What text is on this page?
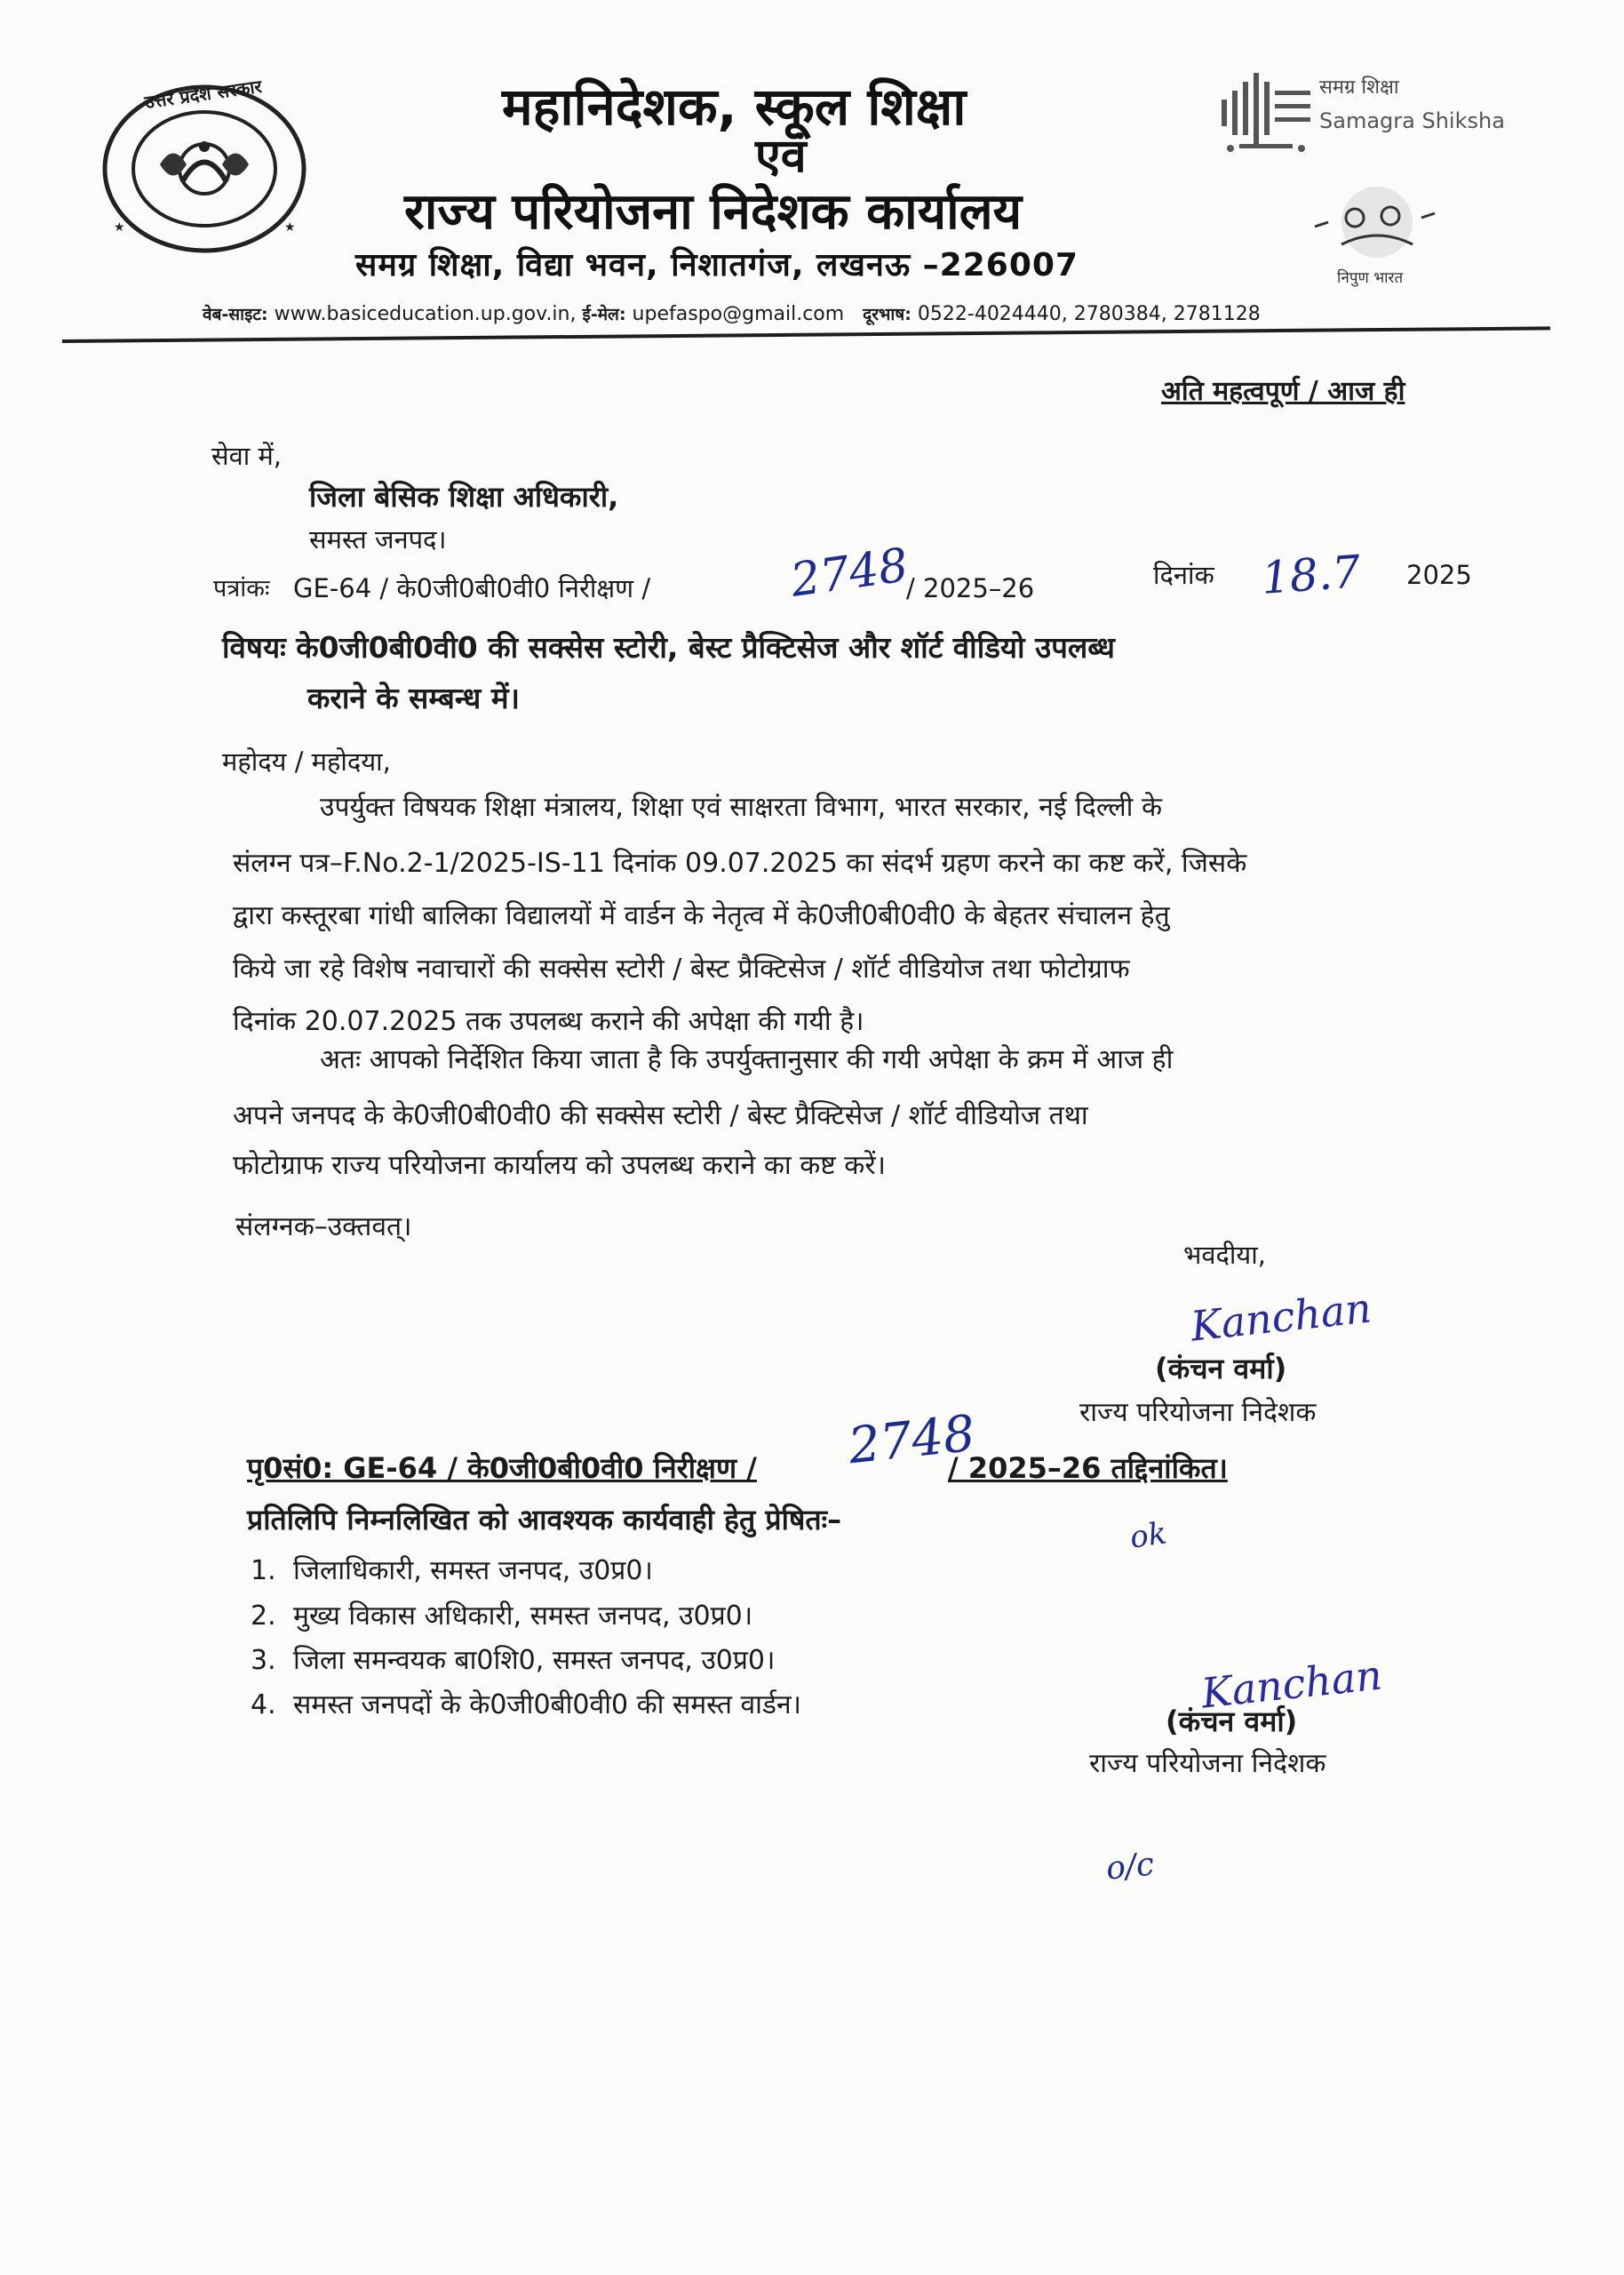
★	★
उत्तर प्रदेश सरकार	महानिदेशक, स्कूल शिक्षा
एवं
राज्य परियोजना निदेशक कार्यालय
समग्र शिक्षा, विद्या भवन, निशातगंज, लखनऊ –226007
वेब-साइट: www.basiceducation.up.gov.in, ई-मेल: upefaspo@gmail.com दूरभाष: 0522-4024440, 2780384, 2781128
समग्र शिक्षा
Samagra Shiksha
निपुण भारत
अति महत्वपूर्ण / आज ही
सेवा में,
जिला बेसिक शिक्षा अधिकारी,
समस्त जनपद।
पत्रांकः GE-64 / के0जी0बी0वी0 निरीक्षण /	2748
/ 2025–26	दिनांक 18.7 2025
विषयः के0जी0बी0वी0 की सक्सेस स्टोरी, बेस्ट प्रैक्टिसेज और शॉर्ट वीडियो उपलब्ध
कराने के सम्बन्ध में।
महोदय / महोदया,
उपर्युक्त विषयक शिक्षा मंत्रालय, शिक्षा एवं साक्षरता विभाग, भारत सरकार, नई दिल्ली के
संलग्न पत्र–F.No.2-1/2025-IS-11 दिनांक 09.07.2025 का संदर्भ ग्रहण करने का कष्ट करें, जिसके
द्वारा कस्तूरबा गांधी बालिका विद्यालयों में वार्डन के नेतृत्व में के0जी0बी0वी0 के बेहतर संचालन हेतु
किये जा रहे विशेष नवाचारों की सक्सेस स्टोरी / बेस्ट प्रैक्टिसेज / शॉर्ट वीडियोज तथा फोटोग्राफ
दिनांक 20.07.2025 तक उपलब्ध कराने की अपेक्षा की गयी है।
अतः आपको निर्देशित किया जाता है कि उपर्युक्तानुसार की गयी अपेक्षा के क्रम में आज ही
अपने जनपद के के0जी0बी0वी0 की सक्सेस स्टोरी / बेस्ट प्रैक्टिसेज / शॉर्ट वीडियोज तथा
फोटोग्राफ राज्य परियोजना कार्यालय को उपलब्ध कराने का कष्ट करें।
संलग्नक–उक्तवत्।
भवदीया,
Kanchan
(कंचन वर्मा)
राज्य परियोजना निदेशक
पृ0सं0: GE-64 / के0जी0बी0वी0 निरीक्षण /	/ 2025–26 तद्दिनांकित।
2748
प्रतिलिपि निम्नलिखित को आवश्यक कार्यवाही हेतु प्रेषितः–	ok
1. जिलाधिकारी, समस्त जनपद, उ0प्र0।
2. मुख्य विकास अधिकारी, समस्त जनपद, उ0प्र0।
3. जिला समन्वयक बा0शि0, समस्त जनपद, उ0प्र0।
4. समस्त जनपदों के के0जी0बी0वी0 की समस्त वार्डन।	Kanchan
(कंचन वर्मा)
राज्य परियोजना निदेशक
o/c
